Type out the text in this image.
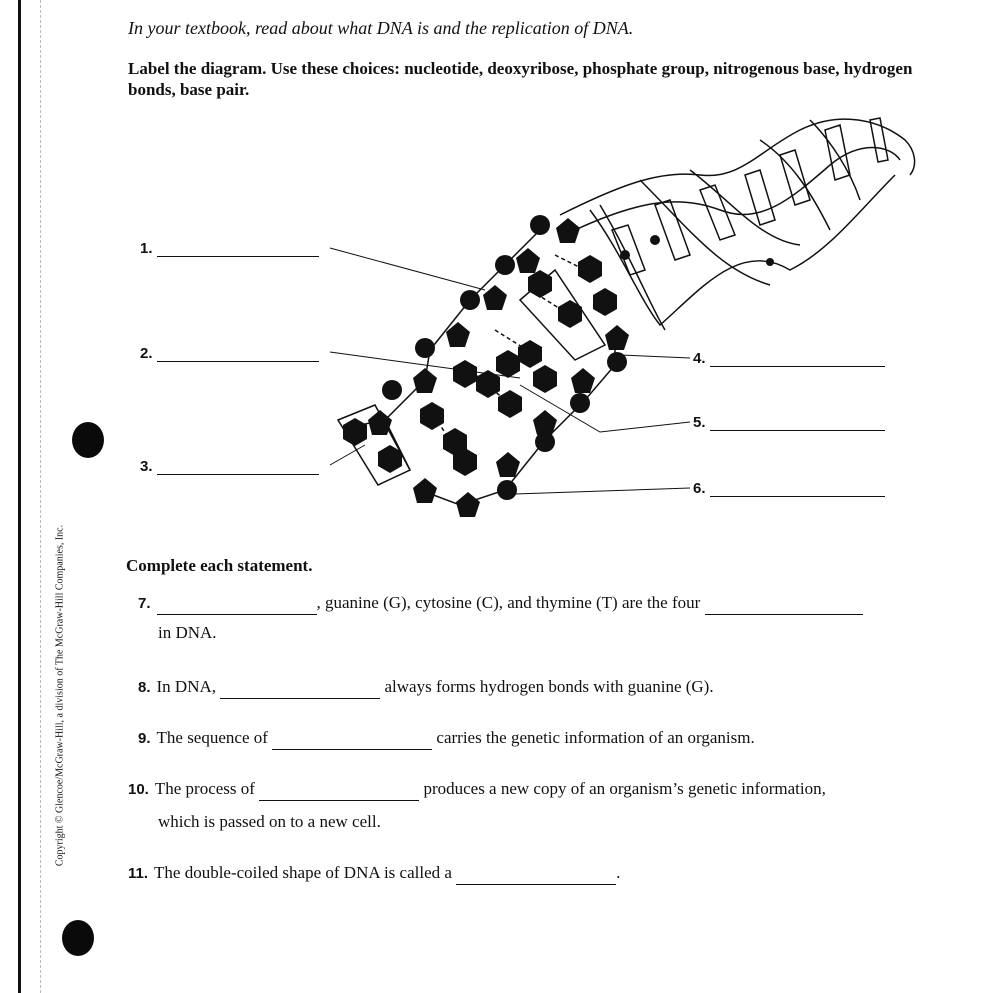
Copyright © Glencoe/McGraw-Hill, a division of The McGraw-Hill Companies, Inc.
In your textbook, read about what DNA is and the replication of DNA.
Label the diagram. Use these choices: nucleotide, deoxyribose, phosphate group, nitrogenous base, hydrogen bonds, base pair.
1.
2.
3.
4.
5.
6.
Complete each statement.
7.	, guanine (G), cytosine (C), and thymine (T) are the four
in DNA.
8. In DNA,	always forms hydrogen bonds with guanine (G).
9. The sequence of	carries the genetic information of an organism.
10. The process of	produces a new copy of an organism’s genetic information,
which is passed on to a new cell.
11. The double-coiled shape of DNA is called a	.
